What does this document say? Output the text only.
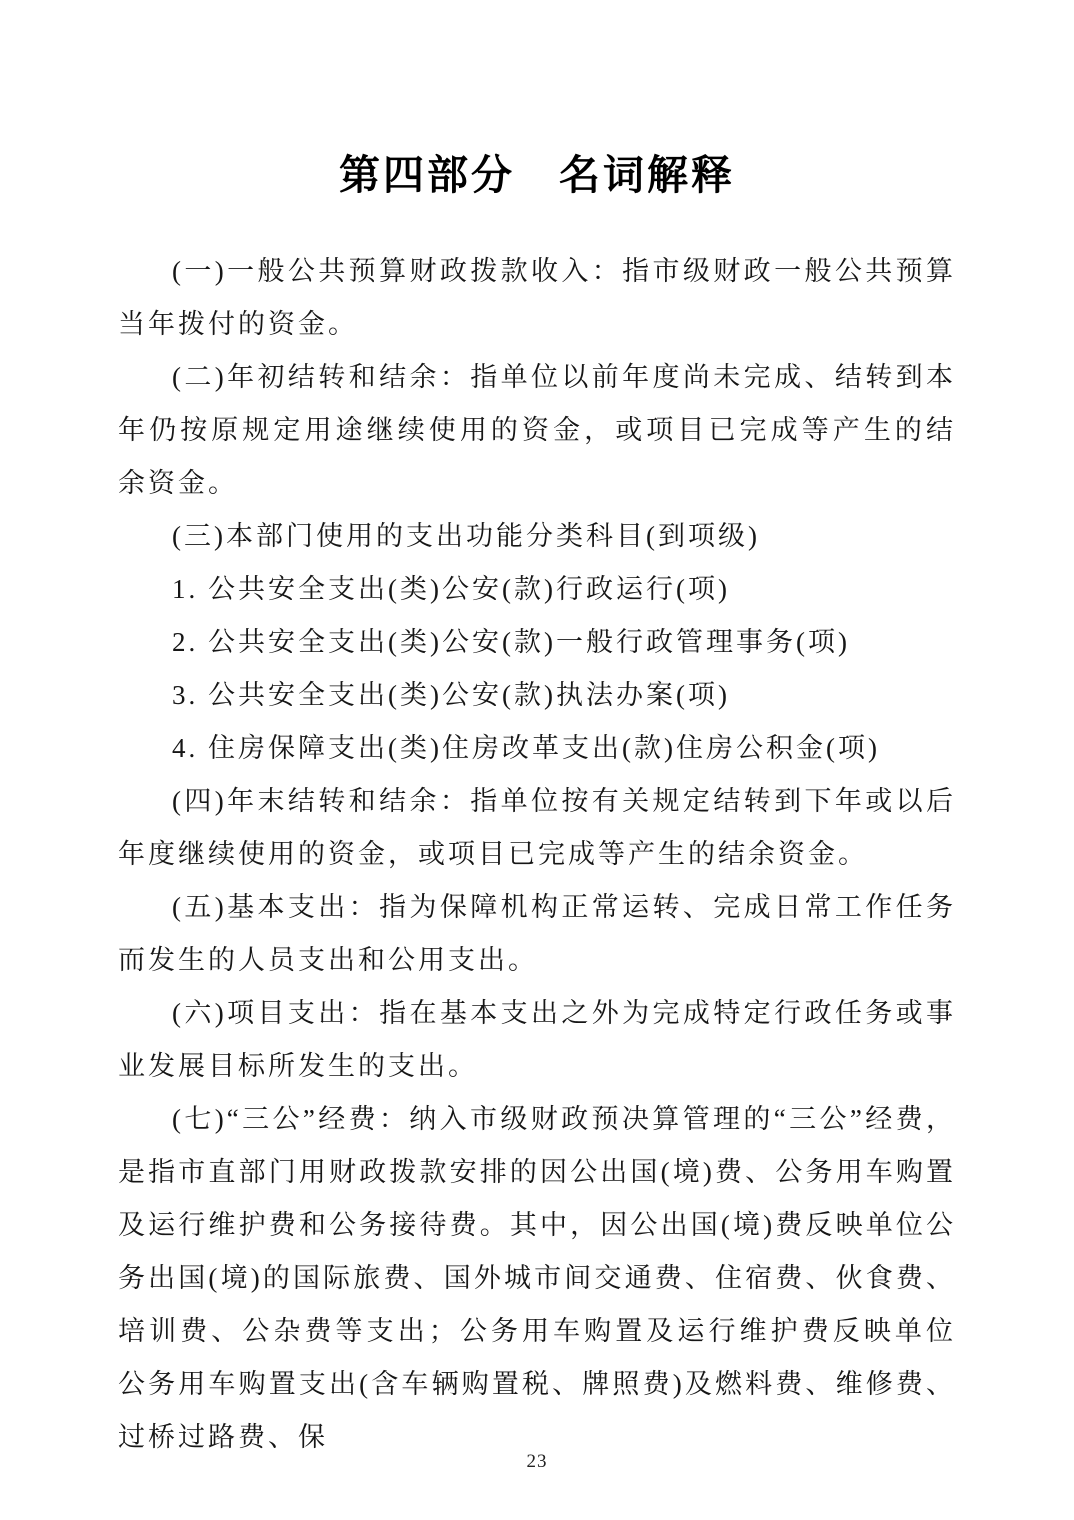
第四部分　名词解释

(一)一般公共预算财政拨款收入：指市级财政一般公共预算当年拨付的资金。

(二)年初结转和结余：指单位以前年度尚未完成、结转到本年仍按原规定用途继续使用的资金，或项目已完成等产生的结余资金。

(三)本部门使用的支出功能分类科目(到项级)

1. 公共安全支出(类)公安(款)行政运行(项)

2. 公共安全支出(类)公安(款)一般行政管理事务(项)

3. 公共安全支出(类)公安(款)执法办案(项)

4. 住房保障支出(类)住房改革支出(款)住房公积金(项)

(四)年末结转和结余：指单位按有关规定结转到下年或以后年度继续使用的资金，或项目已完成等产生的结余资金。

(五)基本支出：指为保障机构正常运转、完成日常工作任务而发生的人员支出和公用支出。

(六)项目支出：指在基本支出之外为完成特定行政任务或事业发展目标所发生的支出。

(七)“三公”经费：纳入市级财政预决算管理的“三公”经费，是指市直部门用财政拨款安排的因公出国(境)费、公务用车购置及运行维护费和公务接待费。其中，因公出国(境)费反映单位公务出国(境)的国际旅费、国外城市间交通费、住宿费、伙食费、培训费、公杂费等支出；公务用车购置及运行维护费反映单位公务用车购置支出(含车辆购置税、牌照费)及燃料费、维修费、过桥过路费、保

23
